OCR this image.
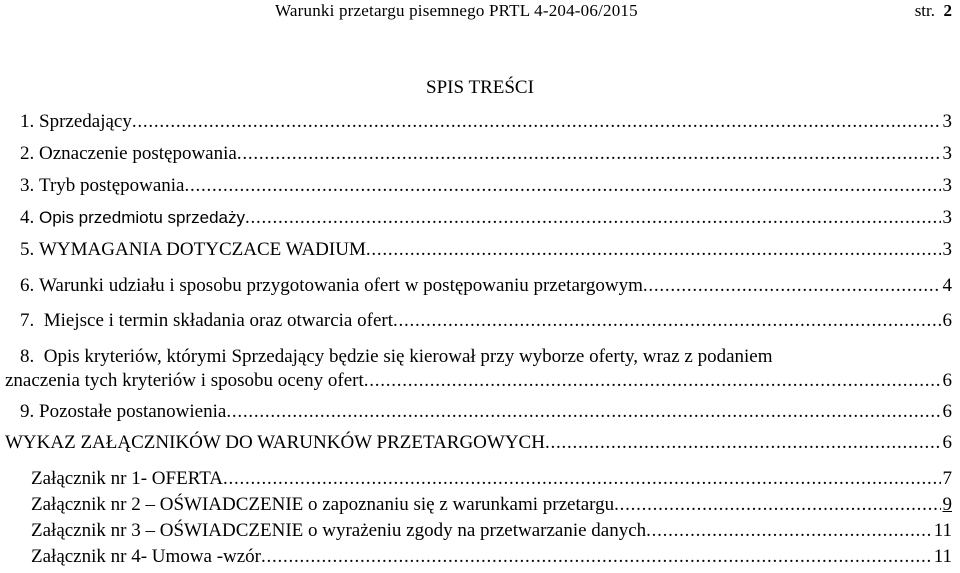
Warunki przetargu pisemnego PRTL 4-204-06/2015	str. 2
SPIS TREŚCI
1.
Sprzedający . . .	3
2.
Oznaczenie postępowania . . .	3
3.
Tryb postępowania . . .	3
4.
Opis przedmiotu sprzedaży . . .	3
5.
WYMAGANIA DOTYCZACE WADIUM . . .	3
6.
Warunki udziału i sposobu przygotowania ofert w postępowaniu przetargowym . . .	4
7.
Miejsce i termin składania oraz otwarcia ofert . . .	6
8. Opis kryteriów, którymi Sprzedający będzie się kierował przy wyborze oferty, wraz z podaniem
znaczenia tych kryteriów i sposobu oceny ofert . . .	6
9.
Pozostałe postanowienia . . .	6
WYKAZ ZAŁĄCZNIKÓW DO WARUNKÓW PRZETARGOWYCH . . .	6
Załącznik nr 1- OFERTA . . .	7
Załącznik nr 2 – OŚWIADCZENIE o zapoznaniu się z warunkami przetargu . . .	9
Załącznik nr 3 – OŚWIADCZENIE o wyrażeniu zgody na przetwarzanie danych . . .	11
Załącznik nr 4- Umowa -wzór . . .	11
